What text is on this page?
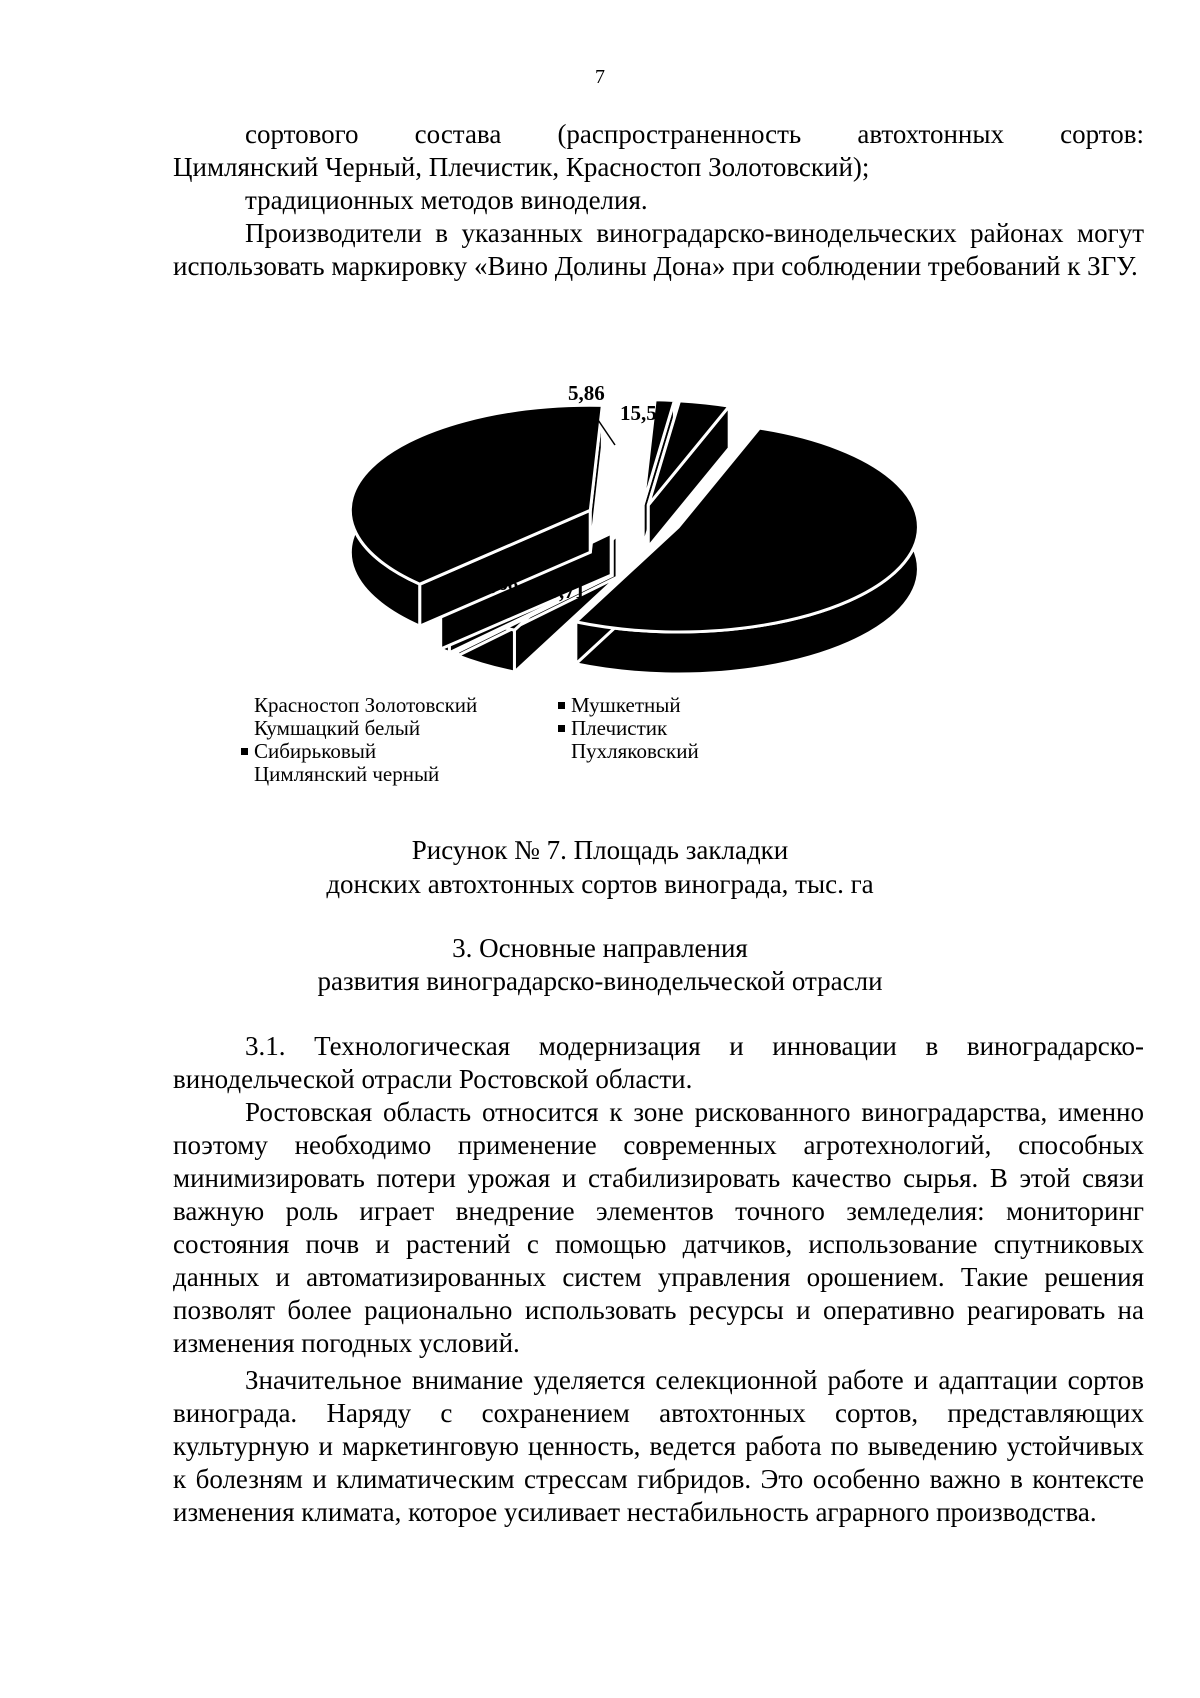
7
сортового состава (распространенность автохтонных сортов:
Цимлянский Черный, Плечистик, Красностоп Золотовский);
традиционных методов виноделия.
Производители в указанных виноградарско-винодельческих районах могут использовать маркировку «Вино Долины Дона» при соблюдении требований к ЗГУ.
5,86
15,56
236,06
20,71
,68
Красностоп Золотовский
Кумшацкий белый
Сибирьковый
Цимлянский черный
Мушкетный
Плечистик
Пухляковский
Рисунок № 7. Площадь закладки
донских автохтонных сортов винограда, тыс. га
3. Основные направления
развития виноградарско-винодельческой отрасли
3.1. Технологическая модернизация и инновации в виноградарско-винодельческой отрасли Ростовской области.
Ростовская область относится к зоне рискованного виноградарства, именно поэтому необходимо применение современных агротехнологий, способных минимизировать потери урожая и стабилизировать качество сырья. В этой связи важную роль играет внедрение элементов точного земледелия: мониторинг состояния почв и растений с помощью датчиков, использование спутниковых данных и автоматизированных систем управления орошением. Такие решения позволят более рационально использовать ресурсы и оперативно реагировать на изменения погодных условий.
Значительное внимание уделяется селекционной работе и адаптации сортов винограда. Наряду с сохранением автохтонных сортов, представляющих культурную и маркетинговую ценность, ведется работа по выведению устойчивых к болезням и климатическим стрессам гибридов. Это особенно важно в контексте изменения климата, которое усиливает нестабильность аграрного производства.
